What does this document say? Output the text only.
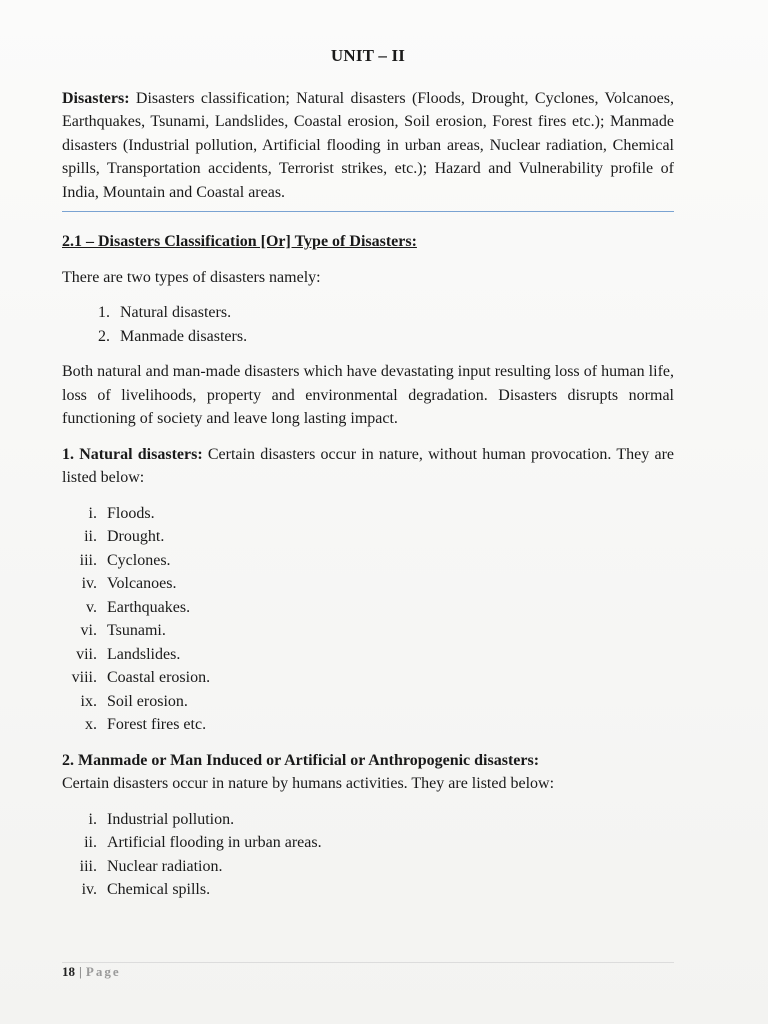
UNIT – II

Disasters: Disasters classification; Natural disasters (Floods, Drought, Cyclones, Volcanoes, Earthquakes, Tsunami, Landslides, Coastal erosion, Soil erosion, Forest fires etc.); Manmade disasters (Industrial pollution, Artificial flooding in urban areas, Nuclear radiation, Chemical spills, Transportation accidents, Terrorist strikes, etc.); Hazard and Vulnerability profile of India, Mountain and Coastal areas.

2.1 – Disasters Classification [Or] Type of Disasters:

There are two types of disasters namely:

1. Natural disasters.
2. Manmade disasters.

Both natural and man-made disasters which have devastating input resulting loss of human life, loss of livelihoods, property and environmental degradation. Disasters disrupts normal functioning of society and leave long lasting impact.

1. Natural disasters: Certain disasters occur in nature, without human provocation. They are listed below:

i. Floods.
ii. Drought.
iii. Cyclones.
iv. Volcanoes.
v. Earthquakes.
vi. Tsunami.
vii. Landslides.
viii. Coastal erosion.
ix. Soil erosion.
x. Forest fires etc.

2. Manmade or Man Induced or Artificial or Anthropogenic disasters:
Certain disasters occur in nature by humans activities. They are listed below:

i. Industrial pollution.
ii. Artificial flooding in urban areas.
iii. Nuclear radiation.
iv. Chemical spills.
18 | Page
